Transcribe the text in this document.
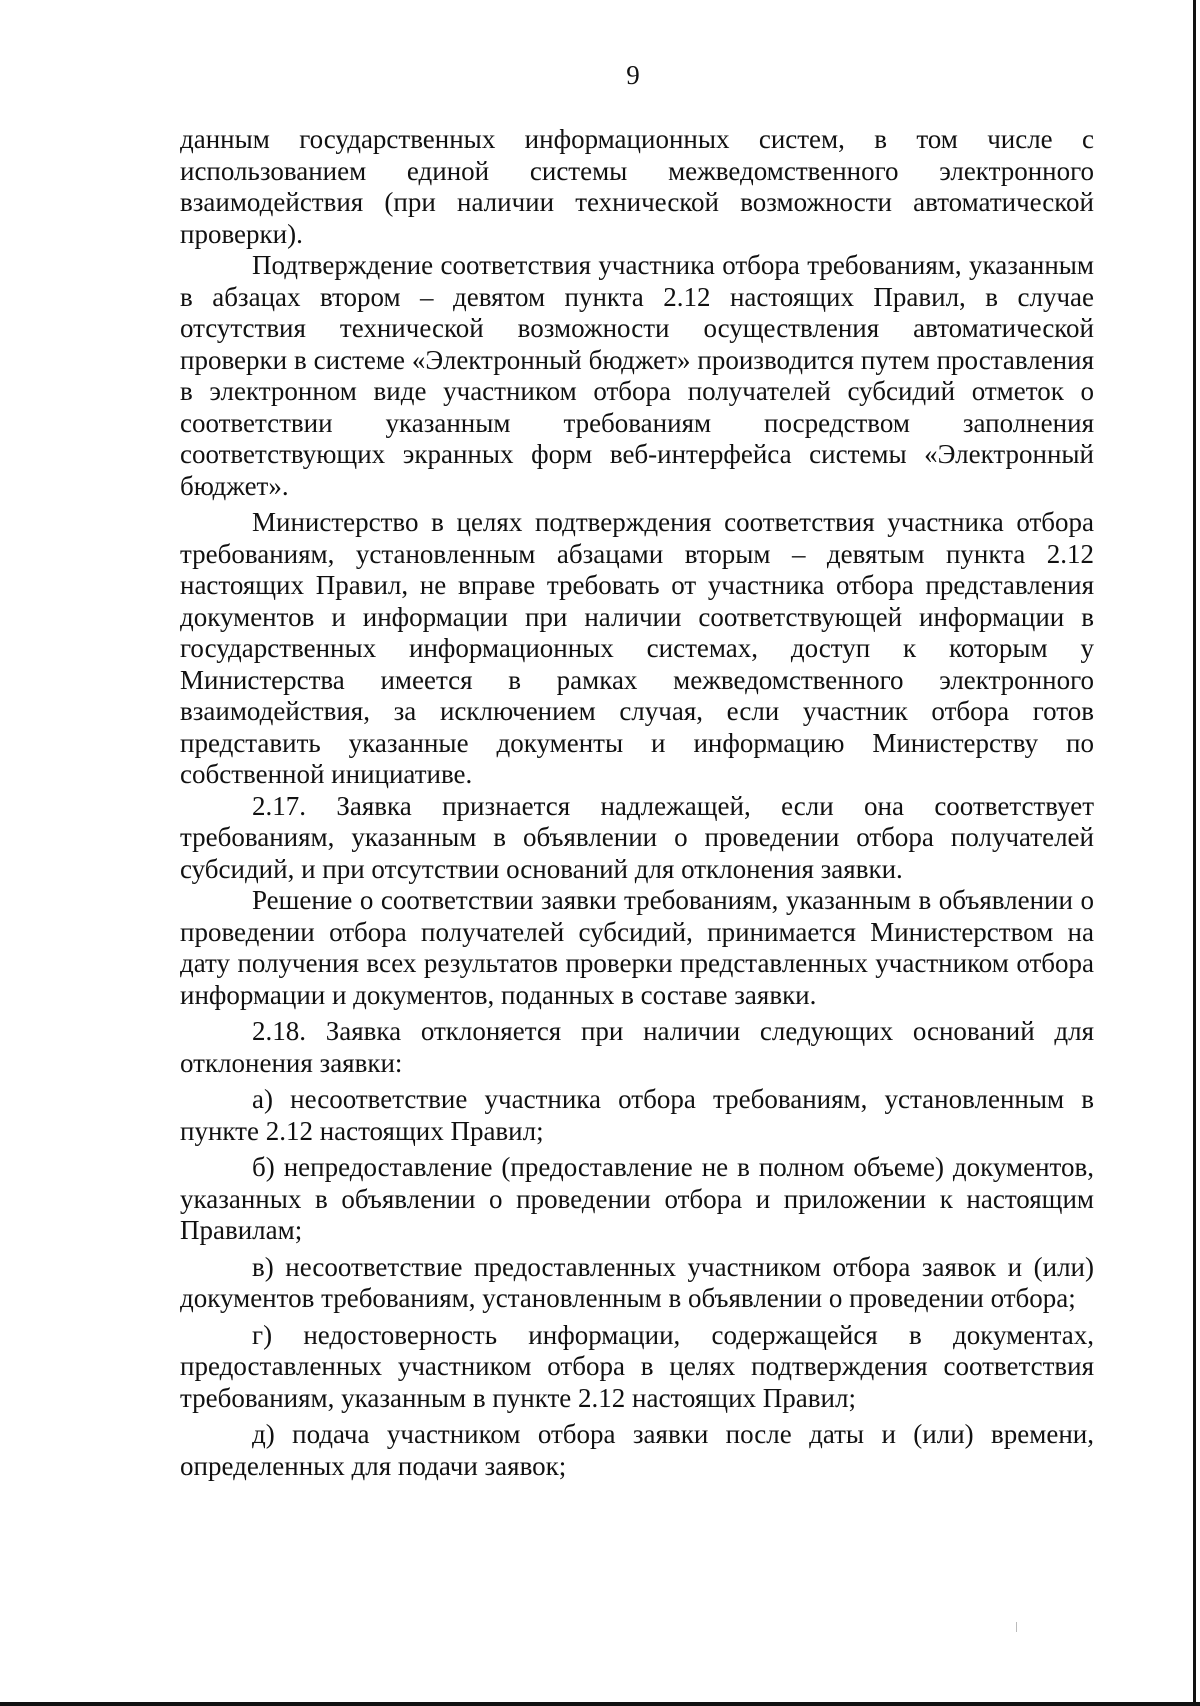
9

данным государственных информационных систем, в том числе с использованием единой системы межведомственного электронного взаимодействия (при наличии технической возможности автоматической проверки).

Подтверждение соответствия участника отбора требованиям, указанным в абзацах втором – девятом пункта 2.12 настоящих Правил, в случае отсутствия технической возможности осуществления автоматической проверки в системе «Электронный бюджет» производится путем проставления в электронном виде участником отбора получателей субсидий отметок о соответствии указанным требованиям посредством заполнения соответствующих экранных форм веб-интерфейса системы «Электронный бюджет».

Министерство в целях подтверждения соответствия участника отбора требованиям, установленным абзацами вторым – девятым пункта 2.12 настоящих Правил, не вправе требовать от участника отбора представления документов и информации при наличии соответствующей информации в государственных информационных системах, доступ к которым у Министерства имеется в рамках межведомственного электронного взаимодействия, за исключением случая, если участник отбора готов представить указанные документы и информацию Министерству по собственной инициативе.

2.17. Заявка признается надлежащей, если она соответствует требованиям, указанным в объявлении о проведении отбора получателей субсидий, и при отсутствии оснований для отклонения заявки.

Решение о соответствии заявки требованиям, указанным в объявлении о проведении отбора получателей субсидий, принимается Министерством на дату получения всех результатов проверки представленных участником отбора информации и документов, поданных в составе заявки.

2.18. Заявка отклоняется при наличии следующих оснований для отклонения заявки:

а) несоответствие участника отбора требованиям, установленным в пункте 2.12 настоящих Правил;

б) непредоставление (предоставление не в полном объеме) документов, указанных в объявлении о проведении отбора и приложении к настоящим Правилам;

в) несоответствие предоставленных участником отбора заявок и (или) документов требованиям, установленным в объявлении о проведении отбора;

г) недостоверность информации, содержащейся в документах, предоставленных участником отбора в целях подтверждения соответствия требованиям, указанным в пункте 2.12 настоящих Правил;

д) подача участником отбора заявки после даты и (или) времени, определенных для подачи заявок;
